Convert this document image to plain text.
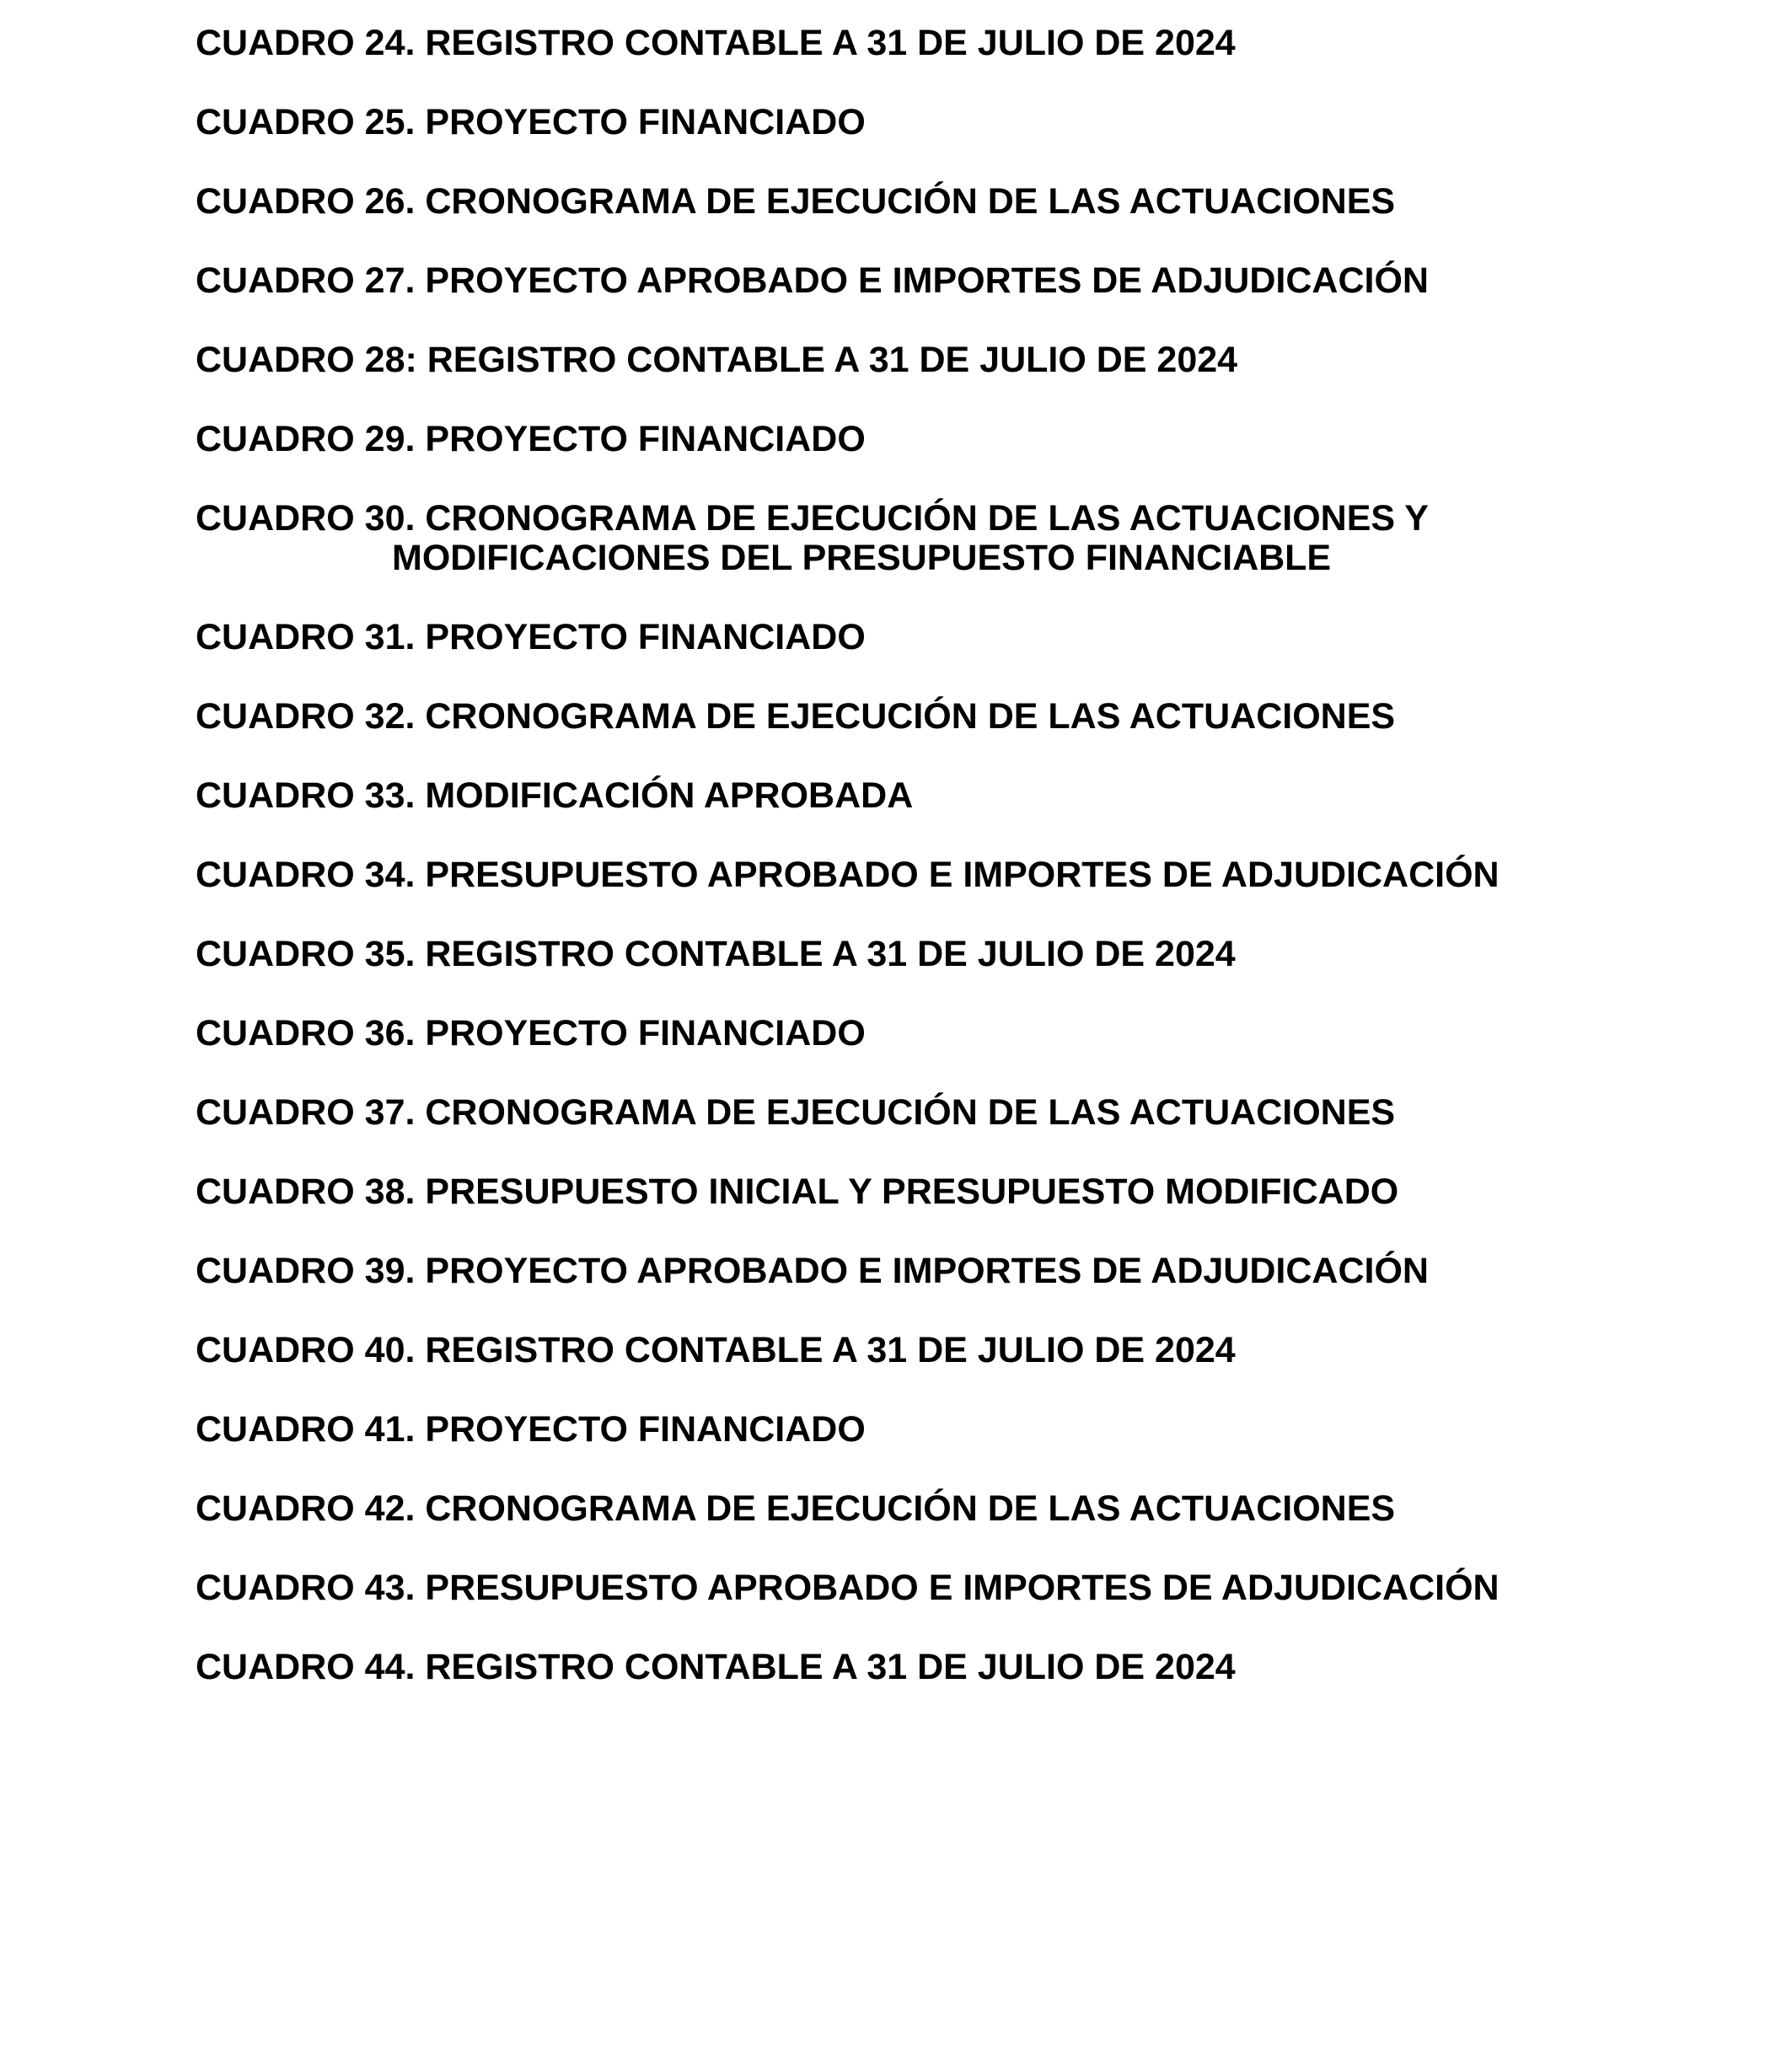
CUADRO 24. REGISTRO CONTABLE A 31 DE JULIO DE 2024

CUADRO 25. PROYECTO FINANCIADO

CUADRO 26. CRONOGRAMA DE EJECUCIÓN DE LAS ACTUACIONES

CUADRO 27. PROYECTO APROBADO E IMPORTES DE ADJUDICACIÓN

CUADRO 28: REGISTRO CONTABLE A 31 DE JULIO DE 2024

CUADRO 29. PROYECTO FINANCIADO

CUADRO 30. CRONOGRAMA DE EJECUCIÓN DE LAS ACTUACIONES Y
MODIFICACIONES DEL PRESUPUESTO FINANCIABLE

CUADRO 31. PROYECTO FINANCIADO

CUADRO 32. CRONOGRAMA DE EJECUCIÓN DE LAS ACTUACIONES

CUADRO 33. MODIFICACIÓN APROBADA

CUADRO 34. PRESUPUESTO APROBADO E IMPORTES DE ADJUDICACIÓN

CUADRO 35. REGISTRO CONTABLE A 31 DE JULIO DE 2024

CUADRO 36. PROYECTO FINANCIADO

CUADRO 37. CRONOGRAMA DE EJECUCIÓN DE LAS ACTUACIONES

CUADRO 38. PRESUPUESTO INICIAL Y PRESUPUESTO MODIFICADO

CUADRO 39. PROYECTO APROBADO E IMPORTES DE ADJUDICACIÓN

CUADRO 40. REGISTRO CONTABLE A 31 DE JULIO DE 2024

CUADRO 41. PROYECTO FINANCIADO

CUADRO 42. CRONOGRAMA DE EJECUCIÓN DE LAS ACTUACIONES

CUADRO 43. PRESUPUESTO APROBADO E IMPORTES DE ADJUDICACIÓN

CUADRO 44. REGISTRO CONTABLE A 31 DE JULIO DE 2024
